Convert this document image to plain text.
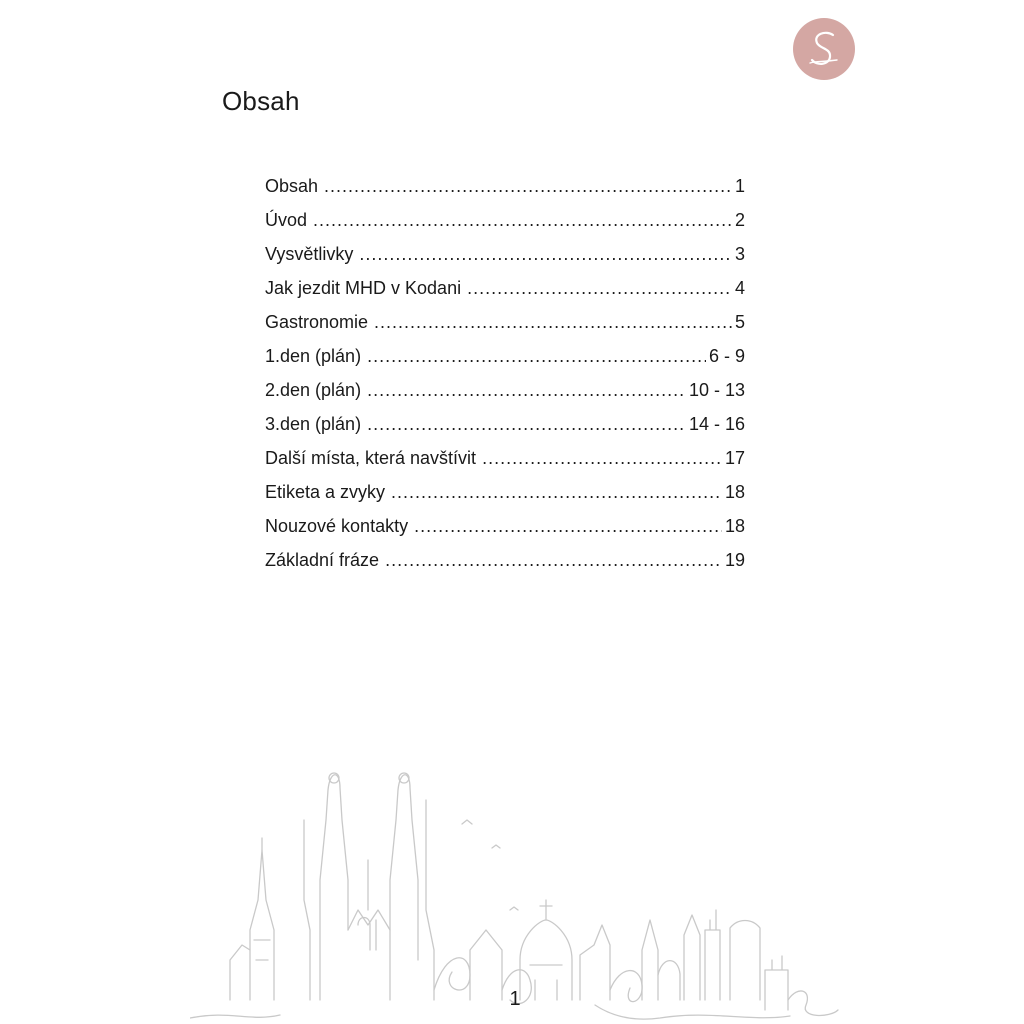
Obsah
Obsah .....	1
Úvod .....	2
Vysvětlivky .....	3
Jak jezdit MHD v Kodani .....	4
Gastronomie .....	5
1.den (plán) .....	6 - 9
2.den (plán) .....	10 - 13
3.den (plán) .....	14 - 16
Další místa, která navštívit .....	17
Etiketa a zvyky .....	18
Nouzové kontakty .....	18
Základní fráze .....	19
1
